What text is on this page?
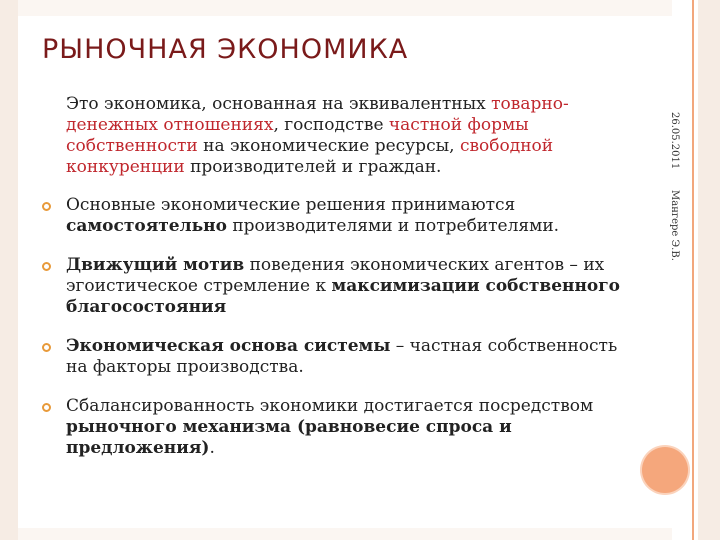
РЫНОЧНАЯ ЭКОНОМИКА
26.05.2011
Мангере Э.В.
Это экономика, основанная на эквивалентных товарно-денежных отношениях, господстве частной формы собственности на экономические ресурсы, свободной конкуренции производителей и граждан.
Основные экономические решения принимаются самостоятельно производителями и потребителями.
Движущий мотив поведения экономических агентов – их эгоистическое стремление к максимизации собственного благосостояния
Экономическая основа системы – частная собственность на факторы производства.
Сбалансированность экономики достигается посредством рыночного механизма (равновесие спроса и предложения).
